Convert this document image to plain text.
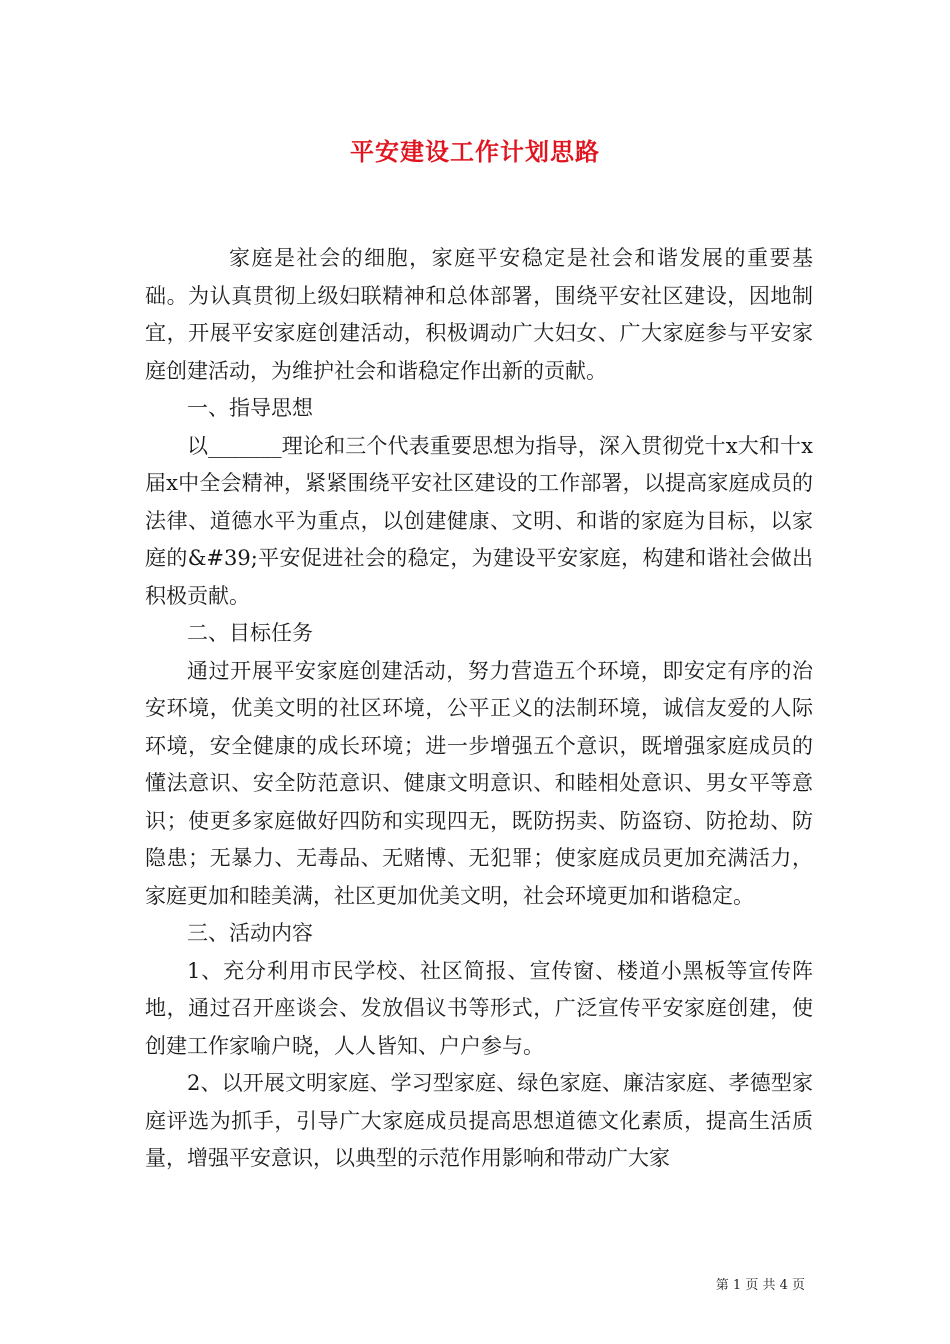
平安建设工作计划思路

家庭是社会的细胞，家庭平安稳定是社会和谐发展的重要基础。为认真贯彻上级妇联精神和总体部署，围绕平安社区建设，因地制宜，开展平安家庭创建活动，积极调动广大妇女、广大家庭参与平安家庭创建活动，为维护社会和谐稳定作出新的贡献。

一、指导思想

以_______理论和三个代表重要思想为指导，深入贯彻党十x大和十x届x中全会精神，紧紧围绕平安社区建设的工作部署，以提高家庭成员的法律、道德水平为重点，以创建健康、文明、和谐的家庭为目标，以家庭的&#39;平安促进社会的稳定，为建设平安家庭，构建和谐社会做出积极贡献。

二、目标任务

通过开展平安家庭创建活动，努力营造五个环境，即安定有序的治安环境，优美文明的社区环境，公平正义的法制环境，诚信友爱的人际环境，安全健康的成长环境；进一步增强五个意识，既增强家庭成员的懂法意识、安全防范意识、健康文明意识、和睦相处意识、男女平等意识；使更多家庭做好四防和实现四无，既防拐卖、防盗窃、防抢劫、防隐患；无暴力、无毒品、无赌博、无犯罪；使家庭成员更加充满活力，家庭更加和睦美满，社区更加优美文明，社会环境更加和谐稳定。

三、活动内容

1、充分利用市民学校、社区简报、宣传窗、楼道小黑板等宣传阵地，通过召开座谈会、发放倡议书等形式，广泛宣传平安家庭创建，使创建工作家喻户晓，人人皆知、户户参与。

2、以开展文明家庭、学习型家庭、绿色家庭、廉洁家庭、孝德型家庭评选为抓手，引导广大家庭成员提高思想道德文化素质，提高生活质量，增强平安意识，以典型的示范作用影响和带动广大家

第 1 页 共 4 页
